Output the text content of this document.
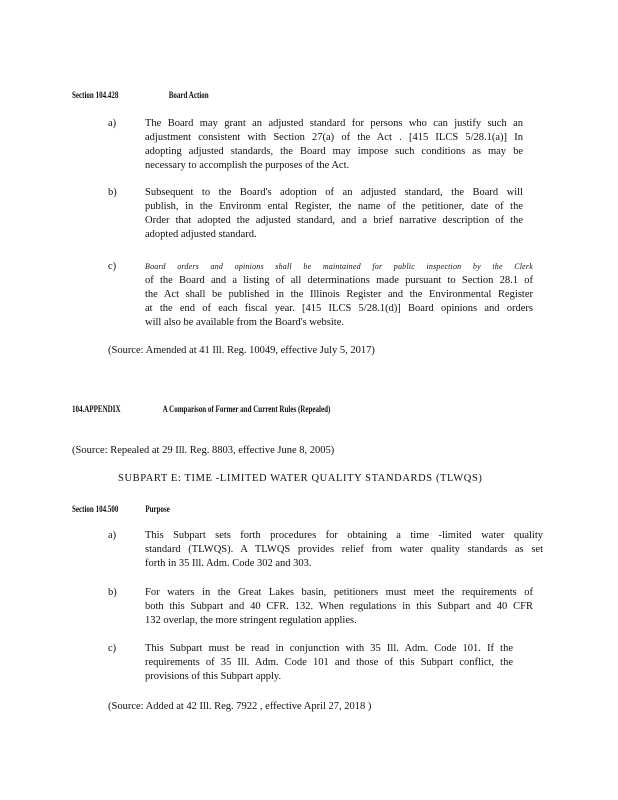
Section 104.428	Board Action
a)	The Board may grant an adjusted standard for persons who can justify such an
adjustment consistent with Section 27(a) of the Act . [415 ILCS 5/28.1(a)] In
adopting adjusted standards, the Board may impose such conditions as may be
necessary to accomplish the purposes of the Act.
b)	Subsequent to the Board's adoption of an adjusted standard, the Board will
publish, in the Environm ental Register, the name of the petitioner, date of the
Order that adopted the adjusted standard, and a brief narrative description of the
adopted adjusted standard.
c)	Board orders and opinions shall be maintained for public inspection by the Clerk
of the Board and a listing of all determinations made pursuant to Section 28.1 of
the Act shall be published in the Illinois Register and the Environmental Register
at the end of each fiscal year. [415 ILCS 5/28.1(d)] Board opinions and orders
will also be available from the Board's website.
(Source: Amended at 41 Ill. Reg. 10049, effective July 5, 2017)
104.APPENDIX	A Comparison of Former and Current Rules (Repealed)
(Source: Repealed at 29 Ill. Reg. 8803, effective June 8, 2005)
SUBPART E: TIME -LIMITED WATER QUALITY STANDARDS (TLWQS)
Section 104.500	Purpose
a)	This Subpart sets forth procedures for obtaining a time -limited water quality
standard (TLWQS). A TLWQS provides relief from water quality standards as set
forth in 35 Ill. Adm. Code 302 and 303.
b)	For waters in the Great Lakes basin, petitioners must meet the requirements of
both this Subpart and 40 CFR. 132. When regulations in this Subpart and 40 CFR
132 overlap, the more stringent regulation applies.
c)	This Subpart must be read in conjunction with 35 Ill. Adm. Code 101. If the
requirements of 35 Ill. Adm. Code 101 and those of this Subpart conflict, the
provisions of this Subpart apply.
(Source: Added at 42 Ill. Reg. 7922 , effective April 27, 2018 )
